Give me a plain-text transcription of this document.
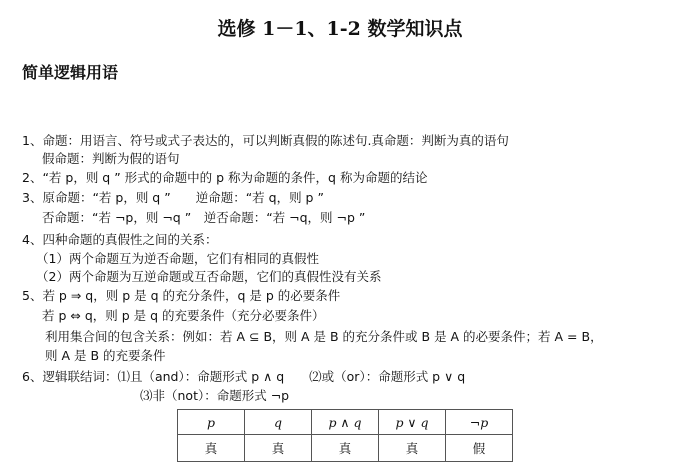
选修 1－1、1-2 数学知识点
简单逻辑用语
1、命题：用语言、符号或式子表达的，可以判断真假的陈述句.真命题：判断为真的语句
假命题：判断为假的语句
2、“若 p，则 q ” 形式的命题中的 p 称为命题的条件，q 称为命题的结论
3、原命题：“若 p，则 q ”　　逆命题：“若 q，则 p ”
否命题：“若 ¬p，则 ¬q ”　逆否命题：“若 ¬q，则 ¬p ”
4、四种命题的真假性之间的关系：
（1）两个命题互为逆否命题，它们有相同的真假性
（2）两个命题为互逆命题或互否命题，它们的真假性没有关系
5、若 p ⇒ q，则 p 是 q 的充分条件，q 是 p 的必要条件
若 p ⇔ q，则 p 是 q 的充要条件（充分必要条件）
利用集合间的包含关系：例如：若 A ⊆ B，则 A 是 B 的充分条件或 B 是 A 的必要条件；若 A = B，
则 A 是 B 的充要条件
6、逻辑联结词：⑴且（and）：命题形式 p ∧ q　　⑵或（or）：命题形式 p ∨ q
⑶非（not）：命题形式 ¬p
p	q	p ∧ q	p ∨ q	¬p
真	真	真	真	假
